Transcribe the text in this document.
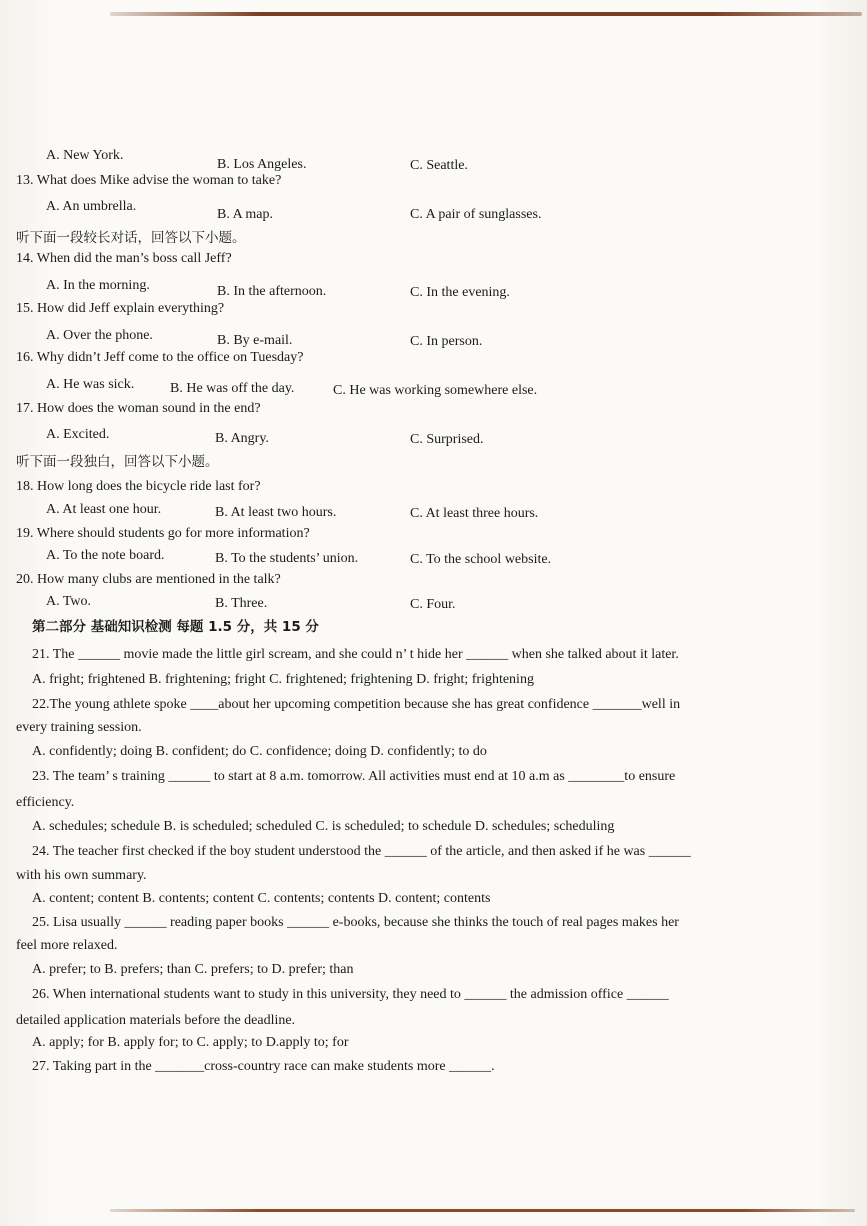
A. New York.
B. Los Angeles.	C. Seattle.
13. What does Mike advise the woman to take?
A. An umbrella.
B. A map.	C. A pair of sunglasses.
听下面一段较长对话，回答以下小题。
14. When did the man’s boss call Jeff?
A. In the morning.	B. In the afternoon.	C. In the evening.
15. How did Jeff explain everything?
A. Over the phone.	B. By e-mail.	C. In person.
16. Why didn’t Jeff come to the office on Tuesday?
A. He was sick.	B. He was off the day.	C. He was working somewhere else.
17. How does the woman sound in the end?
A. Excited.	B. Angry.	C. Surprised.
听下面一段独白，回答以下小题。
18. How long does the bicycle ride last for?
A. At least one hour.	B. At least two hours.	C. At least three hours.
19. Where should students go for more information?
A. To the note board.	B. To the students’ union.	C. To the school website.
20. How many clubs are mentioned in the talk?
A. Two.	B. Three.	C. Four.
第二部分 基础知识检测 每题 1.5 分，共 15 分
21. The ______ movie made the little girl scream, and she could n’ t hide her ______ when she talked about it later.
A. fright; frightened B. frightening; fright C. frightened; frightening D. fright; frightening
22.The young athlete spoke ____about her upcoming competition because she has great confidence _______well in
every training session.
A. confidently; doing B. confident; do C. confidence; doing D. confidently; to do
23. The team’ s training ______ to start at 8 a.m. tomorrow. All activities must end at 10 a.m as ________to ensure
efficiency.
A. schedules; schedule B. is scheduled; scheduled C. is scheduled; to schedule D. schedules; scheduling
24. The teacher first checked if the boy student understood the ______ of the article, and then asked if he was ______
with his own summary.
A. content; content B. contents; content C. contents; contents D. content; contents
25. Lisa usually ______ reading paper books ______ e-books, because she thinks the touch of real pages makes her
feel more relaxed.
A. prefer; to B. prefers; than C. prefers; to D. prefer; than
26. When international students want to study in this university, they need to ______ the admission office ______
detailed application materials before the deadline.
A. apply; for B. apply for; to C. apply; to D.apply to; for
27. Taking part in the _______cross-country race can make students more ______.
